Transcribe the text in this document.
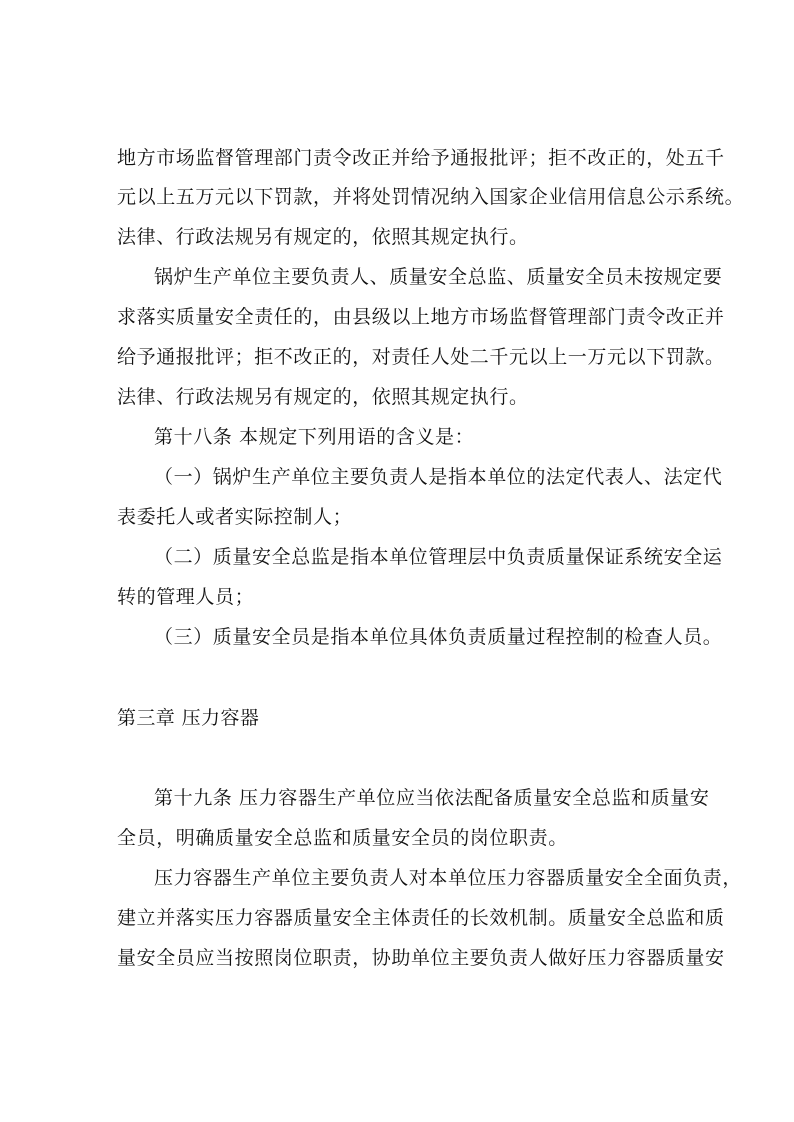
地方市场监督管理部门责令改正并给予通报批评；拒不改正的，处五千
元以上五万元以下罚款，并将处罚情况纳入国家企业信用信息公示系统。
法律、行政法规另有规定的，依照其规定执行。
锅炉生产单位主要负责人、质量安全总监、质量安全员未按规定要
求落实质量安全责任的，由县级以上地方市场监督管理部门责令改正并
给予通报批评；拒不改正的，对责任人处二千元以上一万元以下罚款。
法律、行政法规另有规定的，依照其规定执行。
第十八条 本规定下列用语的含义是：
（一）锅炉生产单位主要负责人是指本单位的法定代表人、法定代
表委托人或者实际控制人；
（二）质量安全总监是指本单位管理层中负责质量保证系统安全运
转的管理人员；
（三）质量安全员是指本单位具体负责质量过程控制的检查人员。
第三章 压力容器
第十九条 压力容器生产单位应当依法配备质量安全总监和质量安
全员，明确质量安全总监和质量安全员的岗位职责。
压力容器生产单位主要负责人对本单位压力容器质量安全全面负责，
建立并落实压力容器质量安全主体责任的长效机制。质量安全总监和质
量安全员应当按照岗位职责，协助单位主要负责人做好压力容器质量安
